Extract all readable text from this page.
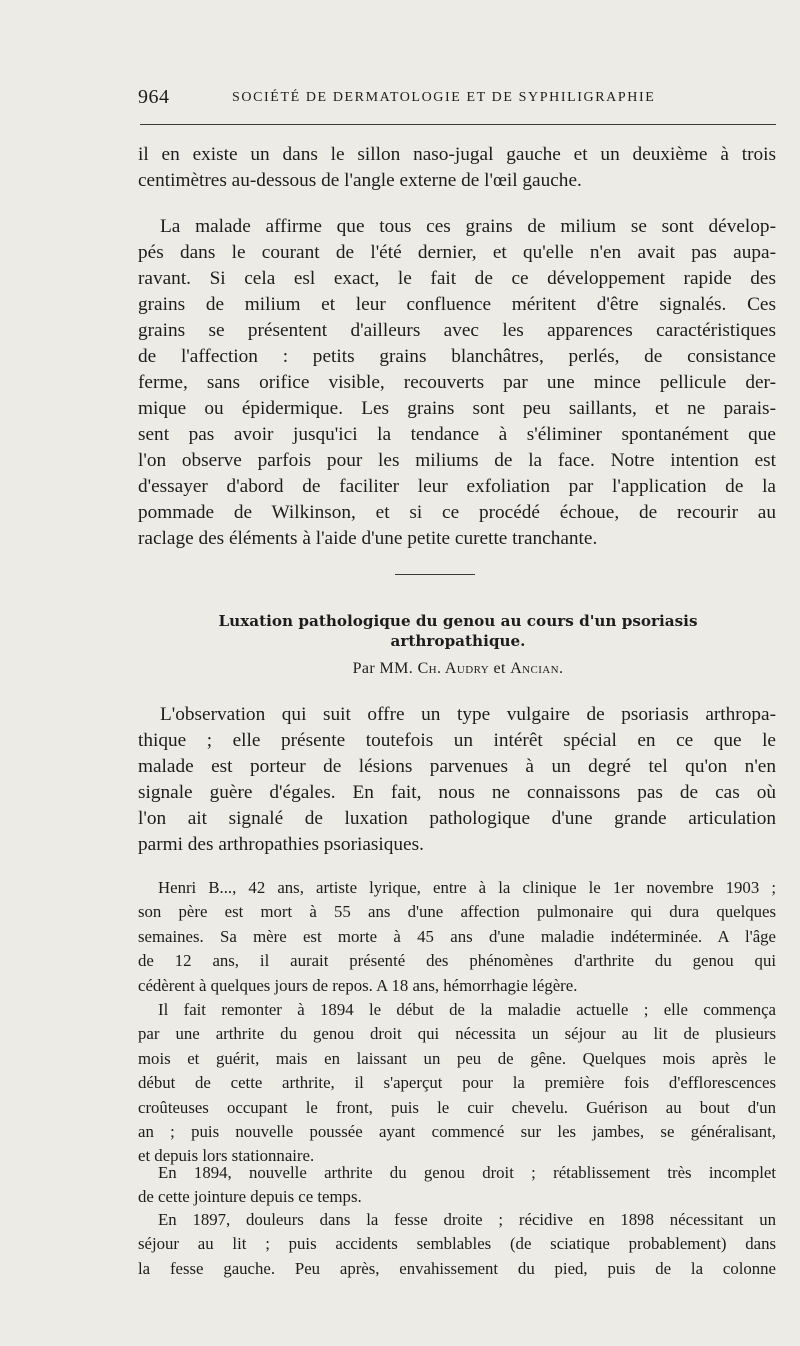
964	SOCIÉTÉ DE DERMATOLOGIE ET DE SYPHILIGRAPHIE
il en existe un dans le sillon naso-jugal gauche et un deuxième à trois
centimètres au-dessous de l'angle externe de l'œil gauche.
La malade affirme que tous ces grains de milium se sont dévelop-
pés dans le courant de l'été dernier, et qu'elle n'en avait pas aupa-
ravant. Si cela esl exact, le fait de ce développement rapide des
grains de milium et leur confluence méritent d'être signalés. Ces
grains se présentent d'ailleurs avec les apparences caractéristiques
de l'affection : petits grains blanchâtres, perlés, de consistance
ferme, sans orifice visible, recouverts par une mince pellicule der-
mique ou épidermique. Les grains sont peu saillants, et ne parais-
sent pas avoir jusqu'ici la tendance à s'éliminer spontanément que
l'on observe parfois pour les miliums de la face. Notre intention est
d'essayer d'abord de faciliter leur exfoliation par l'application de la
pommade de Wilkinson, et si ce procédé échoue, de recourir au
raclage des éléments à l'aide d'une petite curette tranchante.
Luxation pathologique du genou au cours d'un psoriasis
arthropathique.
Par MM. Ch. Audry et Ancian.
L'observation qui suit offre un type vulgaire de psoriasis arthropa-
thique ; elle présente toutefois un intérêt spécial en ce que le
malade est porteur de lésions parvenues à un degré tel qu'on n'en
signale guère d'égales. En fait, nous ne connaissons pas de cas où
l'on ait signalé de luxation pathologique d'une grande articulation
parmi des arthropathies psoriasiques.
Henri B..., 42 ans, artiste lyrique, entre à la clinique le 1er novembre 1903 ;
son père est mort à 55 ans d'une affection pulmonaire qui dura quelques
semaines. Sa mère est morte à 45 ans d'une maladie indéterminée. A l'âge
de 12 ans, il aurait présenté des phénomènes d'arthrite du genou qui
cédèrent à quelques jours de repos. A 18 ans, hémorrhagie légère.
Il fait remonter à 1894 le début de la maladie actuelle ; elle commença
par une arthrite du genou droit qui nécessita un séjour au lit de plusieurs
mois et guérit, mais en laissant un peu de gêne. Quelques mois après le
début de cette arthrite, il s'aperçut pour la première fois d'efflorescences
croûteuses occupant le front, puis le cuir chevelu. Guérison au bout d'un
an ; puis nouvelle poussée ayant commencé sur les jambes, se généralisant,
et depuis lors stationnaire.
En 1894, nouvelle arthrite du genou droit ; rétablissement très incomplet
de cette jointure depuis ce temps.
En 1897, douleurs dans la fesse droite ; récidive en 1898 nécessitant un
séjour au lit ; puis accidents semblables (de sciatique probablement) dans
la fesse gauche. Peu après, envahissement du pied, puis de la colonne
